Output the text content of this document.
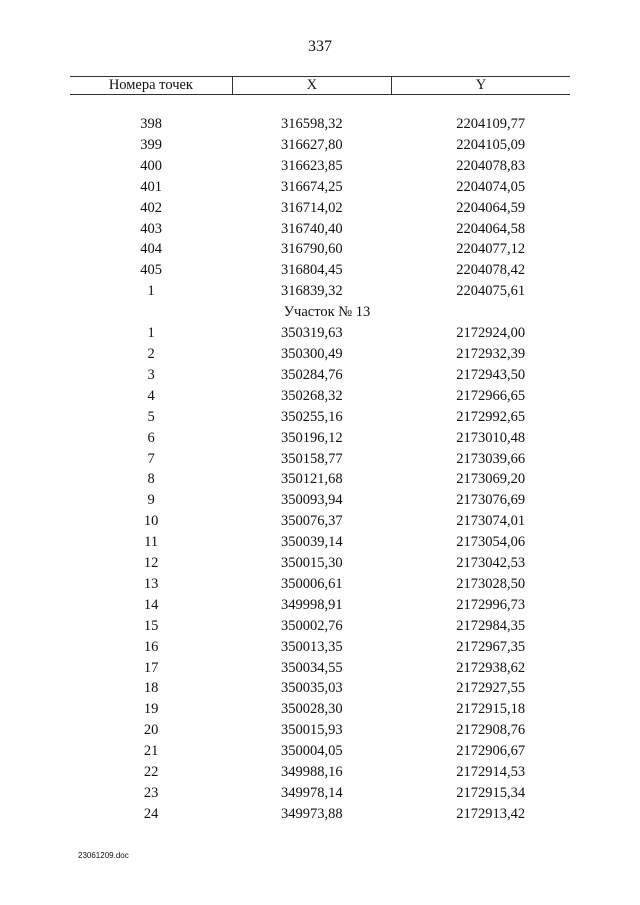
337
Номера точек	X	Y

398	316598,32	2204109,77
399	316627,80	2204105,09
400	316623,85	2204078,83
401	316674,25	2204074,05
402	316714,02	2204064,59
403	316740,40	2204064,58
404	316790,60	2204077,12
405	316804,45	2204078,42
1	316839,32	2204075,61
Участок № 13		
1	350319,63	2172924,00
2	350300,49	2172932,39
3	350284,76	2172943,50
4	350268,32	2172966,65
5	350255,16	2172992,65
6	350196,12	2173010,48
7	350158,77	2173039,66
8	350121,68	2173069,20
9	350093,94	2173076,69
10	350076,37	2173074,01
11	350039,14	2173054,06
12	350015,30	2173042,53
13	350006,61	2173028,50
14	349998,91	2172996,73
15	350002,76	2172984,35
16	350013,35	2172967,35
17	350034,55	2172938,62
18	350035,03	2172927,55
19	350028,30	2172915,18
20	350015,93	2172908,76
21	350004,05	2172906,67
22	349988,16	2172914,53
23	349978,14	2172915,34
24	349973,88	2172913,42
23061209.doc
